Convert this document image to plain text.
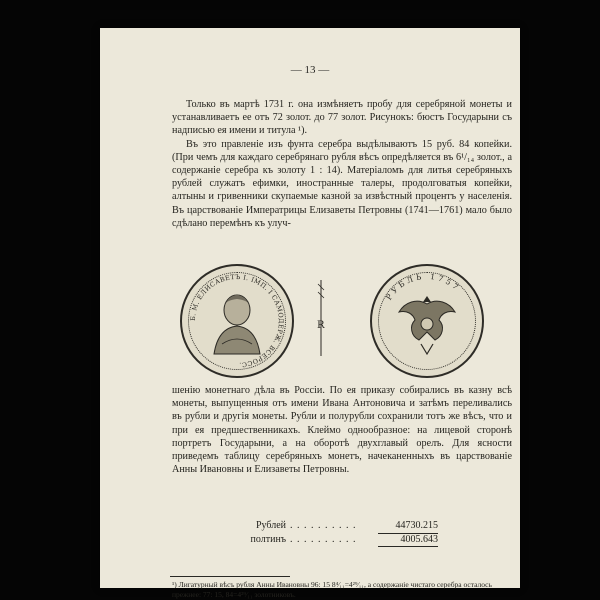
— 13 —

Только въ мартѣ 1731 г. она измѣняетъ пробу для серебряной монеты и устанавливаетъ ее отъ 72 золот. до 77 золот. Рисунокъ: бюстъ Государыни съ надписью ея имени и титула ¹).

Въ это правленіе изъ фунта серебра выдѣлываютъ 15 руб. 84 копейки. (При чемъ для каждаго серебрянаго рубля вѣсъ опредѣляется въ 6¹/₁₄ золот., а содержаніе серебра къ золоту 1 : 14). Матеріаломъ для литья серебряныхъ рублей служатъ ефимки, иностранные талеры, продолговатыя копейки, алтыны и гривенники скупаемые казной за извѣстный процентъ у населенія. Въ царствованіе Императрицы Елизаветы Петровны (1741—1761) мало было сдѣлано перемѣнъ къ улуч-

Б. М. ЕЛИСАВЕТЪ I. IМП. І САМОДЕРЖ. ВСЕРОСС.
R
РУБЛЬ 1757

шенію монетнаго дѣла въ Россіи. По ея приказу собирались въ казну всѣ монеты, выпущенныя отъ имени Ивана Антоновича и затѣмъ переливались въ рубли и другія монеты. Рубли и полурубли сохранили тотъ же вѣсъ, что и при ея предшественникахъ. Клеймо однообразное: на лицевой сторонѣ портретъ Государыни, а на оборотѣ двухглавый орелъ. Для ясности приведемъ таблицу серебряныхъ монетъ, начеканенныхъ въ царствованіе Анны Ивановны и Елизаветы Петровны.

Рублей . . . . . . . . . .	44730.215
полтинъ . . . . . . . . . .	4005.643
¹) Лигатурный вѣсъ рубля Анны Ивановны 96: 15 8⁴⁄₁₁=4²⁹⁄₁₁, а содержаніе чистаго серебра осталось прежнее: 77: 15, 84=4²⁹⁄₁₁ золотниковъ.
